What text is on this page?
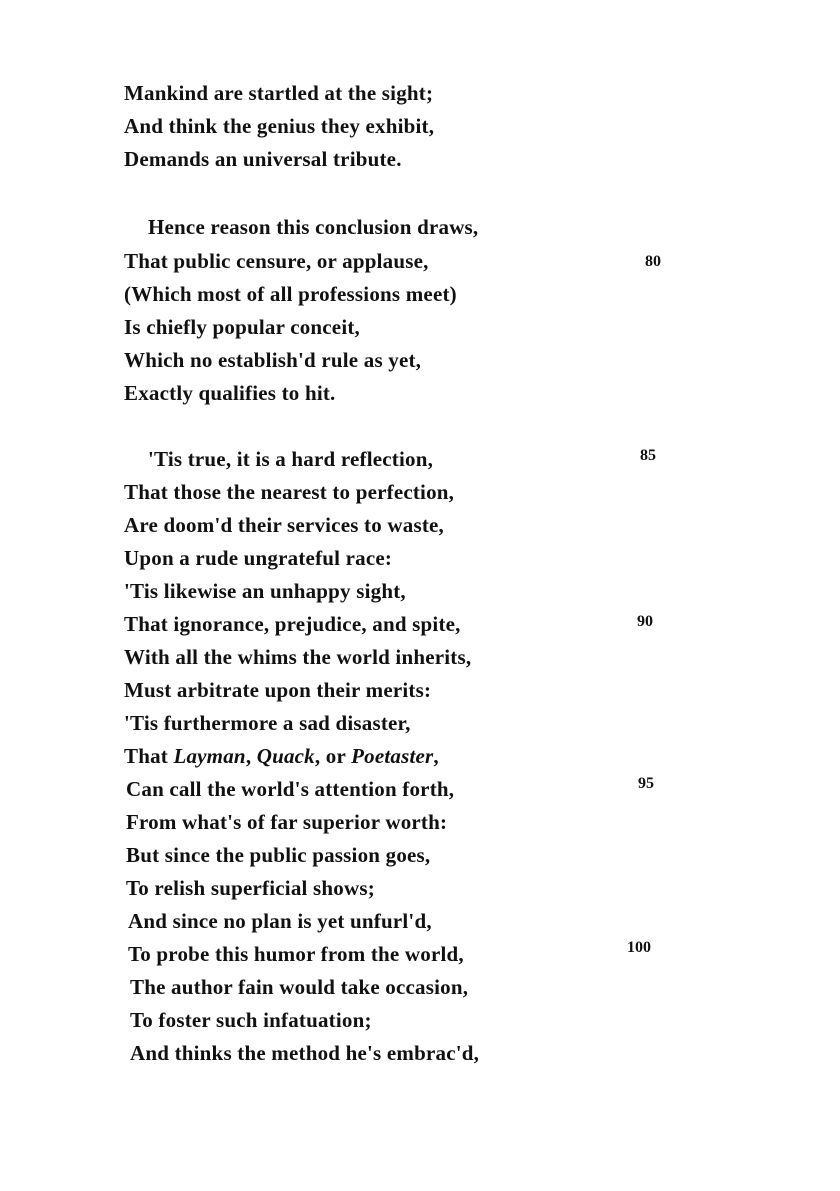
Mankind are startled at the sight;
And think the genius they exhibit,
Demands an universal tribute.
Hence reason this conclusion draws,
That public censure, or applause,
(Which most of all professions meet)
Is chiefly popular conceit,
Which no establish'd rule as yet,
Exactly qualifies to hit.
'Tis true, it is a hard reflection,
That those the nearest to perfection,
Are doom'd their services to waste,
Upon a rude ungrateful race:
'Tis likewise an unhappy sight,
That ignorance, prejudice, and spite,
With all the whims the world inherits,
Must arbitrate upon their merits:
'Tis furthermore a sad disaster,
That Layman, Quack, or Poetaster,
Can call the world's attention forth,
From what's of far superior worth:
But since the public passion goes,
To relish superficial shows;
And since no plan is yet unfurl'd,
To probe this humor from the world,
The author fain would take occasion,
To foster such infatuation;
And thinks the method he's embrac'd,
80
85
90
95
100
